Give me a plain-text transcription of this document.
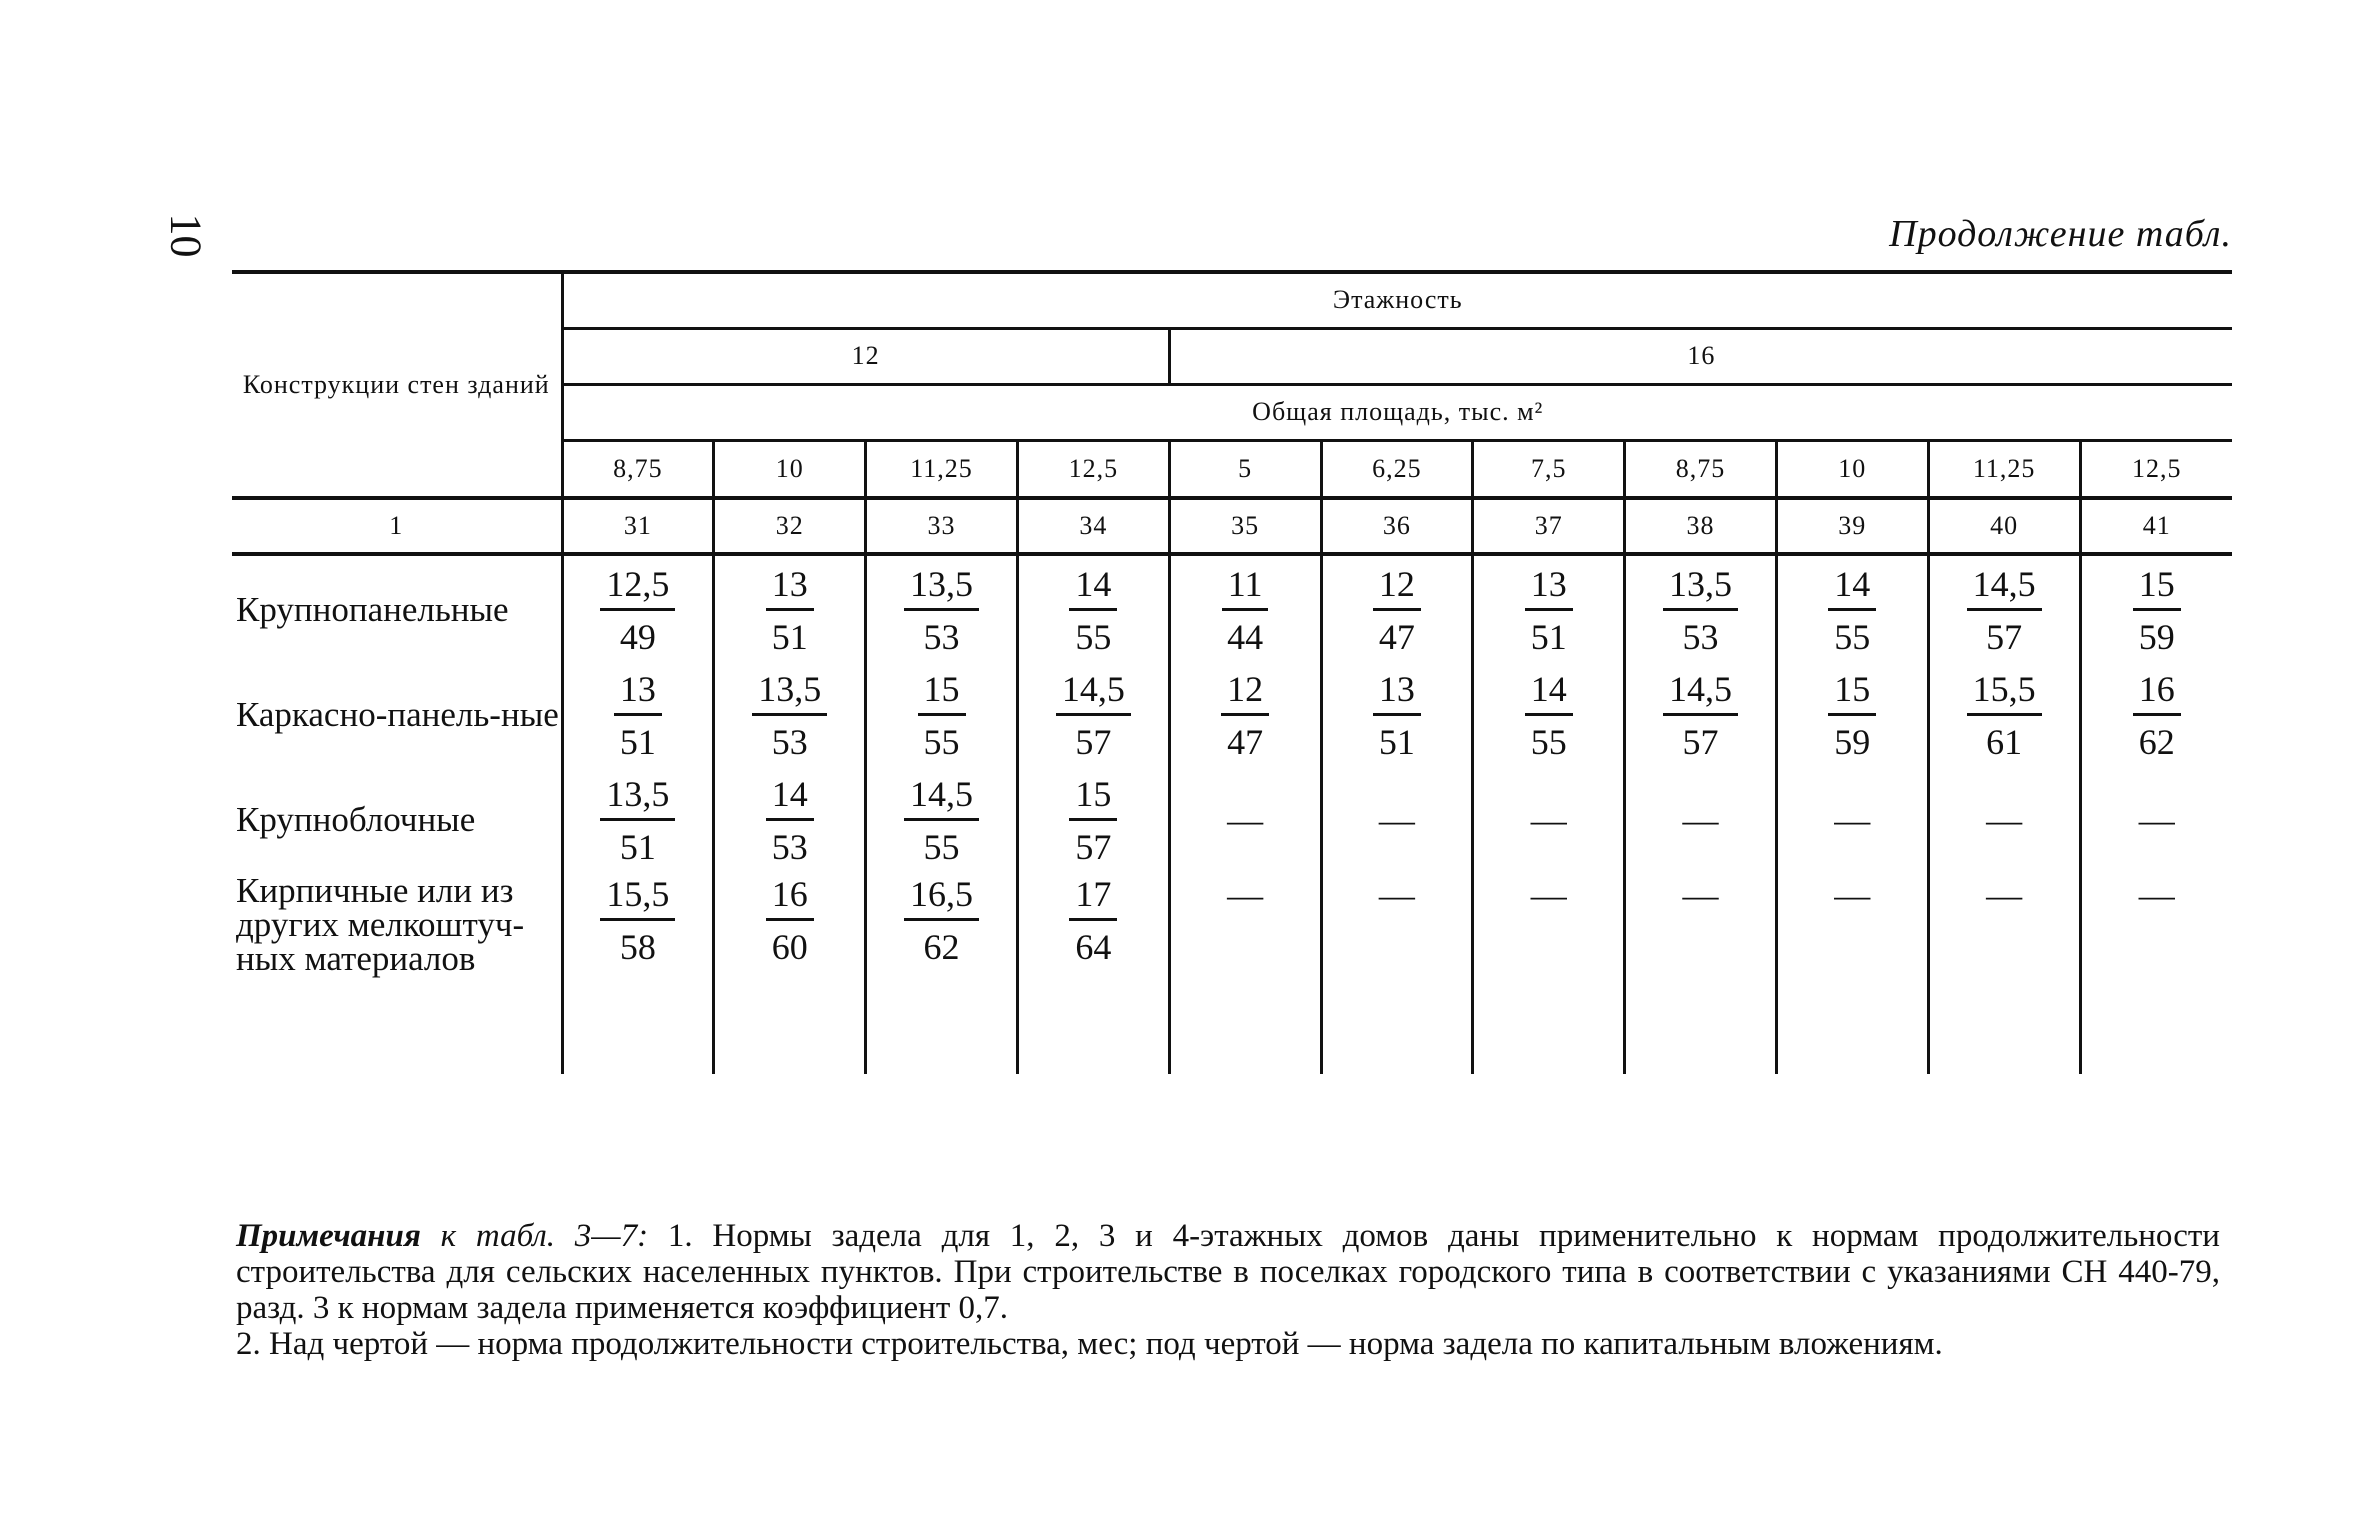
10	Продолжение табл.
Конструкции стен зданий	Этажность										
	12				16						
	Общая площадь, тыс. м²										
	8,75	10	11,25	12,5	5	6,25	7,5	8,75	10	11,25	12,5
1	31	32	33	34	35	36	37	38	39	40	41
Крупнопанельные	$\frac{12,5}{49}$	$\frac{13}{51}$	$\frac{13,5}{53}$	$\frac{14}{55}$	$\frac{11}{44}$	$\frac{12}{47}$	$\frac{13}{51}$	$\frac{13,5}{53}$	$\frac{14}{55}$	$\frac{14,5}{57}$	$\frac{15}{59}$

Каркасно-панель-ные	$\frac{13}{51}$	$\frac{13,5}{53}$	$\frac{15}{55}$	$\frac{14,5}{57}$	$\frac{12}{47}$	$\frac{13}{51}$	$\frac{14}{55}$	$\frac{14,5}{57}$	$\frac{15}{59}$	$\frac{15,5}{61}$	$\frac{16}{62}$

Крупноблочные	$\frac{13,5}{51}$	$\frac{14}{53}$	$\frac{14,5}{55}$	$\frac{15}{57}$	—	—	—	—	—	—	—
Кирпичные или из других мелкоштуч-ных материалов	$\frac{15,5}{58}$	$\frac{16}{60}$	$\frac{16,5}{62}$	$\frac{17}{64}$	—	—	—	—	—	—	—

Примечания к табл. 3—7: 1. Нормы задела для 1, 2, 3 и 4-этажных домов даны применительно к нормам продолжительности строительства для сельских населенных пунктов. При строительстве в поселках городского типа в соответствии с указаниями СН 440-79, разд. 3 к нормам задела применяется коэффициент 0,7.

2. Над чертой — норма продолжительности строительства, мес; под чертой — норма задела по капитальным вложениям.
